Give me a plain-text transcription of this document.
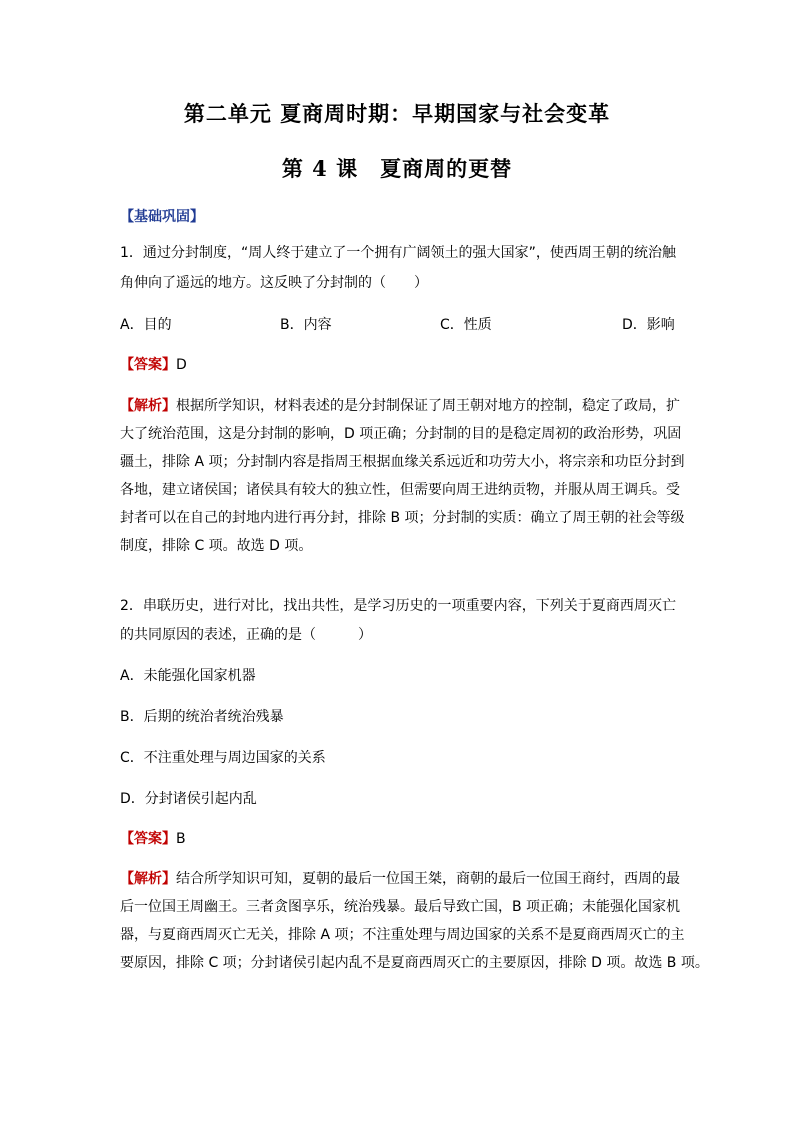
第二单元 夏商周时期：早期国家与社会变革
第 4 课　夏商周的更替
【基础巩固】
1．通过分封制度，“周人终于建立了一个拥有广阔领土的强大国家”，使西周王朝的统治触
角伸向了遥远的地方。这反映了分封制的（　　）
A．目的	B．内容	C．性质	D．影响
【答案】D
【解析】根据所学知识，材料表述的是分封制保证了周王朝对地方的控制，稳定了政局，扩
大了统治范围，这是分封制的影响，D 项正确；分封制的目的是稳定周初的政治形势，巩固
疆土，排除 A 项；分封制内容是指周王根据血缘关系远近和功劳大小，将宗亲和功臣分封到
各地，建立诸侯国；诸侯具有较大的独立性，但需要向周王进纳贡物，并服从周王调兵。受
封者可以在自己的封地内进行再分封，排除 B 项；分封制的实质：确立了周王朝的社会等级
制度，排除 C 项。故选 D 项。
2．串联历史，进行对比，找出共性，是学习历史的一项重要内容，下列关于夏商西周灭亡
的共同原因的表述，正确的是（　　　）
A．未能强化国家机器
B．后期的统治者统治残暴
C．不注重处理与周边国家的关系
D．分封诸侯引起内乱
【答案】B
【解析】结合所学知识可知，夏朝的最后一位国王桀，商朝的最后一位国王商纣，西周的最
后一位国王周幽王。三者贪图享乐，统治残暴。最后导致亡国，B 项正确；未能强化国家机
器，与夏商西周灭亡无关，排除 A 项；不注重处理与周边国家的关系不是夏商西周灭亡的主
要原因，排除 C 项；分封诸侯引起内乱不是夏商西周灭亡的主要原因，排除 D 项。故选 B 项。
